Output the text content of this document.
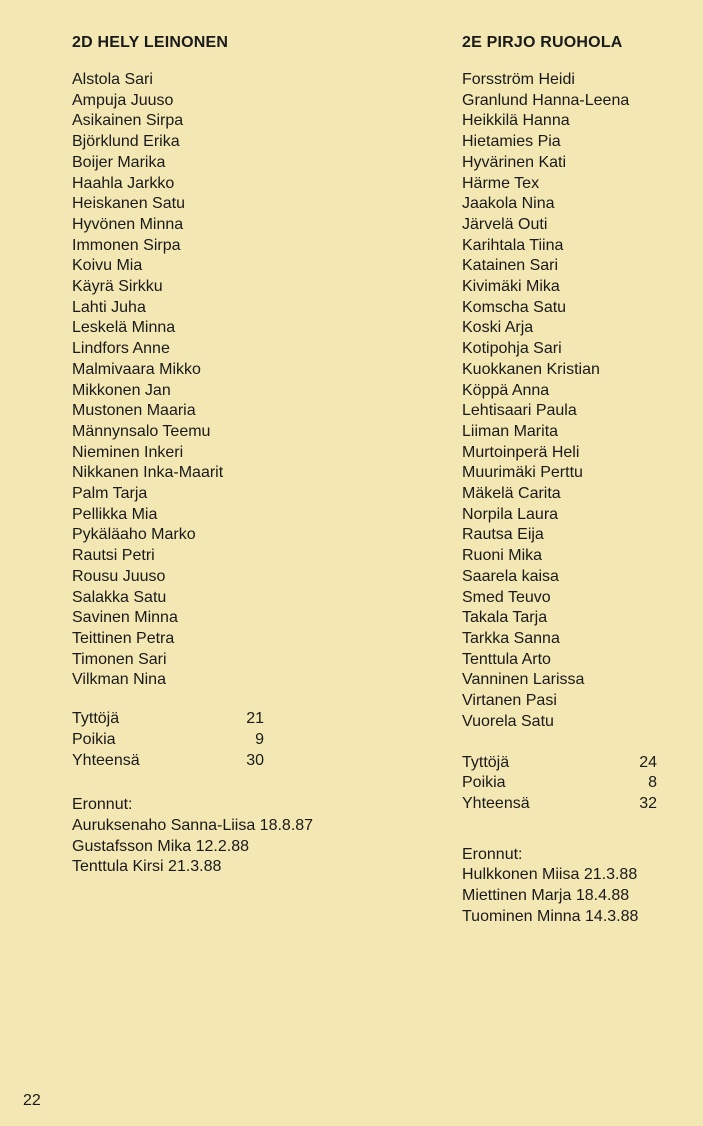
2D HELY LEINONEN
Alstola Sari
Ampuja Juuso
Asikainen Sirpa
Björklund Erika
Boijer Marika
Haahla Jarkko
Heiskanen Satu
Hyvönen Minna
Immonen Sirpa
Koivu Mia
Käyrä Sirkku
Lahti Juha
Leskelä Minna
Lindfors Anne
Malmivaara Mikko
Mikkonen Jan
Mustonen Maaria
Männynsalo Teemu
Nieminen Inkeri
Nikkanen Inka-Maarit
Palm Tarja
Pellikka Mia
Pykäläaho Marko
Rautsi Petri
Rousu Juuso
Salakka Satu
Savinen Minna
Teittinen Petra
Timonen Sari
Vilkman Nina
Tyttöjä	21
Poikia	9
Yhteensä	30
Eronnut:
Auruksenaho Sanna-Liisa 18.8.87
Gustafsson Mika 12.2.88
Tenttula Kirsi 21.3.88
2E PIRJO RUOHOLA
Forsström Heidi
Granlund Hanna-Leena
Heikkilä Hanna
Hietamies Pia
Hyvärinen Kati
Härme Tex
Jaakola Nina
Järvelä Outi
Karihtala Tiina
Katainen Sari
Kivimäki Mika
Komscha Satu
Koski Arja
Kotipohja Sari
Kuokkanen Kristian
Köppä Anna
Lehtisaari Paula
Liiman Marita
Murtoinperä Heli
Muurimäki Perttu
Mäkelä Carita
Norpila Laura
Rautsa Eija
Ruoni Mika
Saarela kaisa
Smed Teuvo
Takala Tarja
Tarkka Sanna
Tenttula Arto
Vanninen Larissa
Virtanen Pasi
Vuorela Satu
Tyttöjä	24
Poikia	8
Yhteensä	32
Eronnut:
Hulkkonen Miisa 21.3.88
Miettinen Marja 18.4.88
Tuominen Minna 14.3.88
22
